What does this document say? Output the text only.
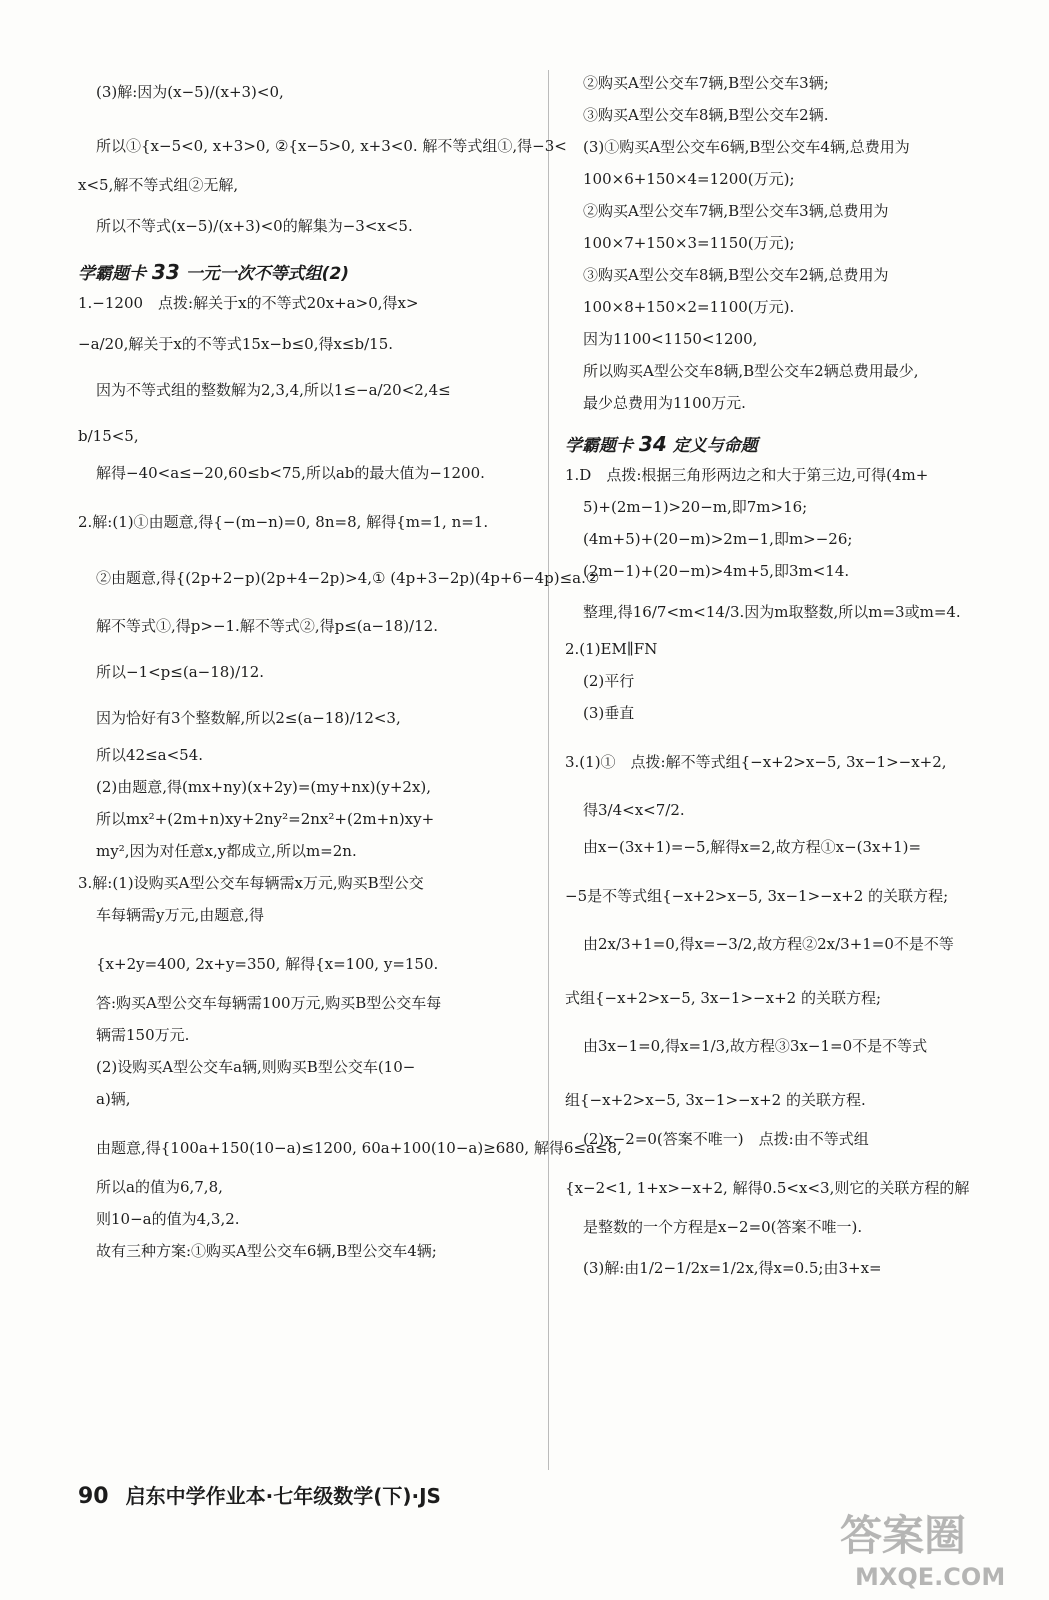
(3)解:因为(x−5)/(x+3)<0,
所以①{x−5<0, x+3>0, ②{x−5>0, x+3<0. 解不等式组①,得−3<
x<5,解不等式组②无解,
所以不等式(x−5)/(x+3)<0的解集为−3<x<5.
学霸题卡 33 一元一次不等式组(2)
1.−1200　点拨:解关于x的不等式20x+a>0,得x>
−a/20,解关于x的不等式15x−b≤0,得x≤b/15.
因为不等式组的整数解为2,3,4,所以1≤−a/20<2,4≤
b/15<5,
解得−40<a≤−20,60≤b<75,所以ab的最大值为−1200.
2.解:(1)①由题意,得{−(m−n)=0, 8n=8, 解得{m=1, n=1.
②由题意,得{(2p+2−p)(2p+4−2p)>4,① (4p+3−2p)(4p+6−4p)≤a.②
解不等式①,得p>−1.解不等式②,得p≤(a−18)/12.
所以−1<p≤(a−18)/12.
因为恰好有3个整数解,所以2≤(a−18)/12<3,
所以42≤a<54.
(2)由题意,得(mx+ny)(x+2y)=(my+nx)(y+2x),
所以mx²+(2m+n)xy+2ny²=2nx²+(2m+n)xy+
my²,因为对任意x,y都成立,所以m=2n.
3.解:(1)设购买A型公交车每辆需x万元,购买B型公交
车每辆需y万元,由题意,得
{x+2y=400, 2x+y=350, 解得{x=100, y=150.
答:购买A型公交车每辆需100万元,购买B型公交车每
辆需150万元.
(2)设购买A型公交车a辆,则购买B型公交车(10−
a)辆,
由题意,得{100a+150(10−a)≤1200, 60a+100(10−a)≥680, 解得6≤a≤8,
所以a的值为6,7,8,
则10−a的值为4,3,2.
故有三种方案:①购买A型公交车6辆,B型公交车4辆;
②购买A型公交车7辆,B型公交车3辆;
③购买A型公交车8辆,B型公交车2辆.
(3)①购买A型公交车6辆,B型公交车4辆,总费用为
100×6+150×4=1200(万元);
②购买A型公交车7辆,B型公交车3辆,总费用为
100×7+150×3=1150(万元);
③购买A型公交车8辆,B型公交车2辆,总费用为
100×8+150×2=1100(万元).
因为1100<1150<1200,
所以购买A型公交车8辆,B型公交车2辆总费用最少,
最少总费用为1100万元.
学霸题卡 34 定义与命题
1.D　点拨:根据三角形两边之和大于第三边,可得(4m+
5)+(2m−1)>20−m,即7m>16;
(4m+5)+(20−m)>2m−1,即m>−26;
(2m−1)+(20−m)>4m+5,即3m<14.
整理,得16/7<m<14/3.因为m取整数,所以m=3或m=4.
2.(1)EM∥FN
(2)平行
(3)垂直
3.(1)①　点拨:解不等式组{−x+2>x−5, 3x−1>−x+2,
得3/4<x<7/2.
由x−(3x+1)=−5,解得x=2,故方程①x−(3x+1)=
−5是不等式组{−x+2>x−5, 3x−1>−x+2 的关联方程;
由2x/3+1=0,得x=−3/2,故方程②2x/3+1=0不是不等
式组{−x+2>x−5, 3x−1>−x+2 的关联方程;
由3x−1=0,得x=1/3,故方程③3x−1=0不是不等式
组{−x+2>x−5, 3x−1>−x+2 的关联方程.
(2)x−2=0(答案不唯一)　点拨:由不等式组
{x−2<1, 1+x>−x+2, 解得0.5<x<3,则它的关联方程的解
是整数的一个方程是x−2=0(答案不唯一).
(3)解:由1/2−1/2x=1/2x,得x=0.5;由3+x=
90 启东中学作业本·七年级数学(下)·JS
答案圈
MXQE.COM
